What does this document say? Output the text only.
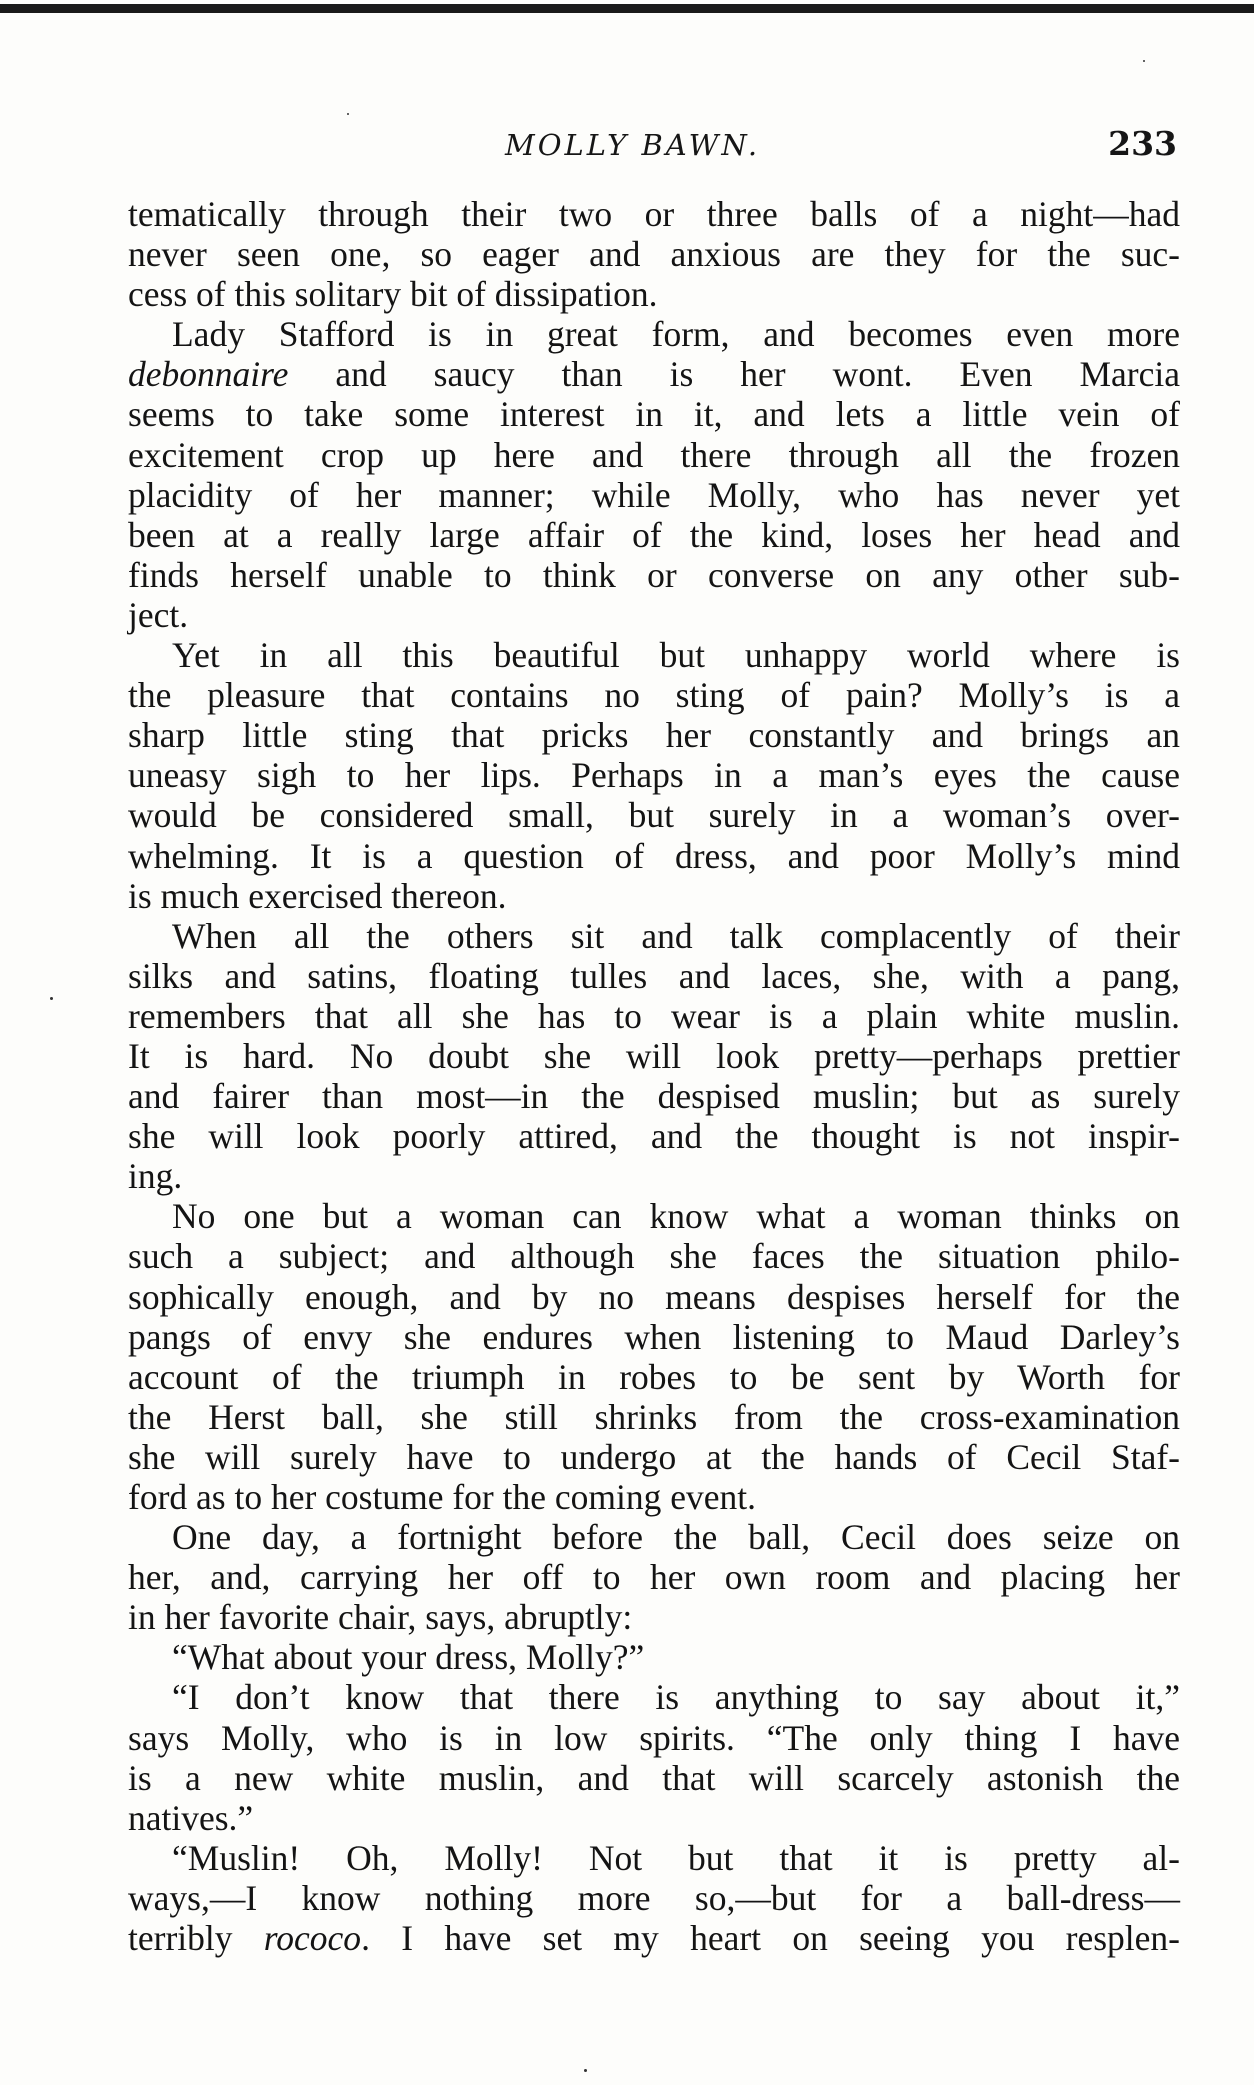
MOLLY BAWN.	233
tematically through their two or three balls of a night—had
never seen one, so eager and anxious are they for the suc-
cess of this solitary bit of dissipation.
Lady Stafford is in great form, and becomes even more
debonnaire and saucy than is her wont. Even Marcia
seems to take some interest in it, and lets a little vein of
excitement crop up here and there through all the frozen
placidity of her manner; while Molly, who has never yet
been at a really large affair of the kind, loses her head and
finds herself unable to think or converse on any other sub-
ject.
Yet in all this beautiful but unhappy world where is
the pleasure that contains no sting of pain? Molly’s is a
sharp little sting that pricks her constantly and brings an
uneasy sigh to her lips. Perhaps in a man’s eyes the cause
would be considered small, but surely in a woman’s over-
whelming. It is a question of dress, and poor Molly’s mind
is much exercised thereon.
When all the others sit and talk complacently of their
silks and satins, floating tulles and laces, she, with a pang,
remembers that all she has to wear is a plain white muslin.
It is hard. No doubt she will look pretty—perhaps prettier
and fairer than most—in the despised muslin; but as surely
she will look poorly attired, and the thought is not inspir-
ing.
No one but a woman can know what a woman thinks on
such a subject; and although she faces the situation philo-
sophically enough, and by no means despises herself for the
pangs of envy she endures when listening to Maud Darley’s
account of the triumph in robes to be sent by Worth for
the Herst ball, she still shrinks from the cross-examination
she will surely have to undergo at the hands of Cecil Staf-
ford as to her costume for the coming event.
One day, a fortnight before the ball, Cecil does seize on
her, and, carrying her off to her own room and placing her
in her favorite chair, says, abruptly:
“What about your dress, Molly?”
“I don’t know that there is anything to say about it,”
says Molly, who is in low spirits. “The only thing I have
is a new white muslin, and that will scarcely astonish the
natives.”
“Muslin! Oh, Molly! Not but that it is pretty al-
ways,—I know nothing more so,—but for a ball-dress—
terribly rococo. I have set my heart on seeing you resplen-
